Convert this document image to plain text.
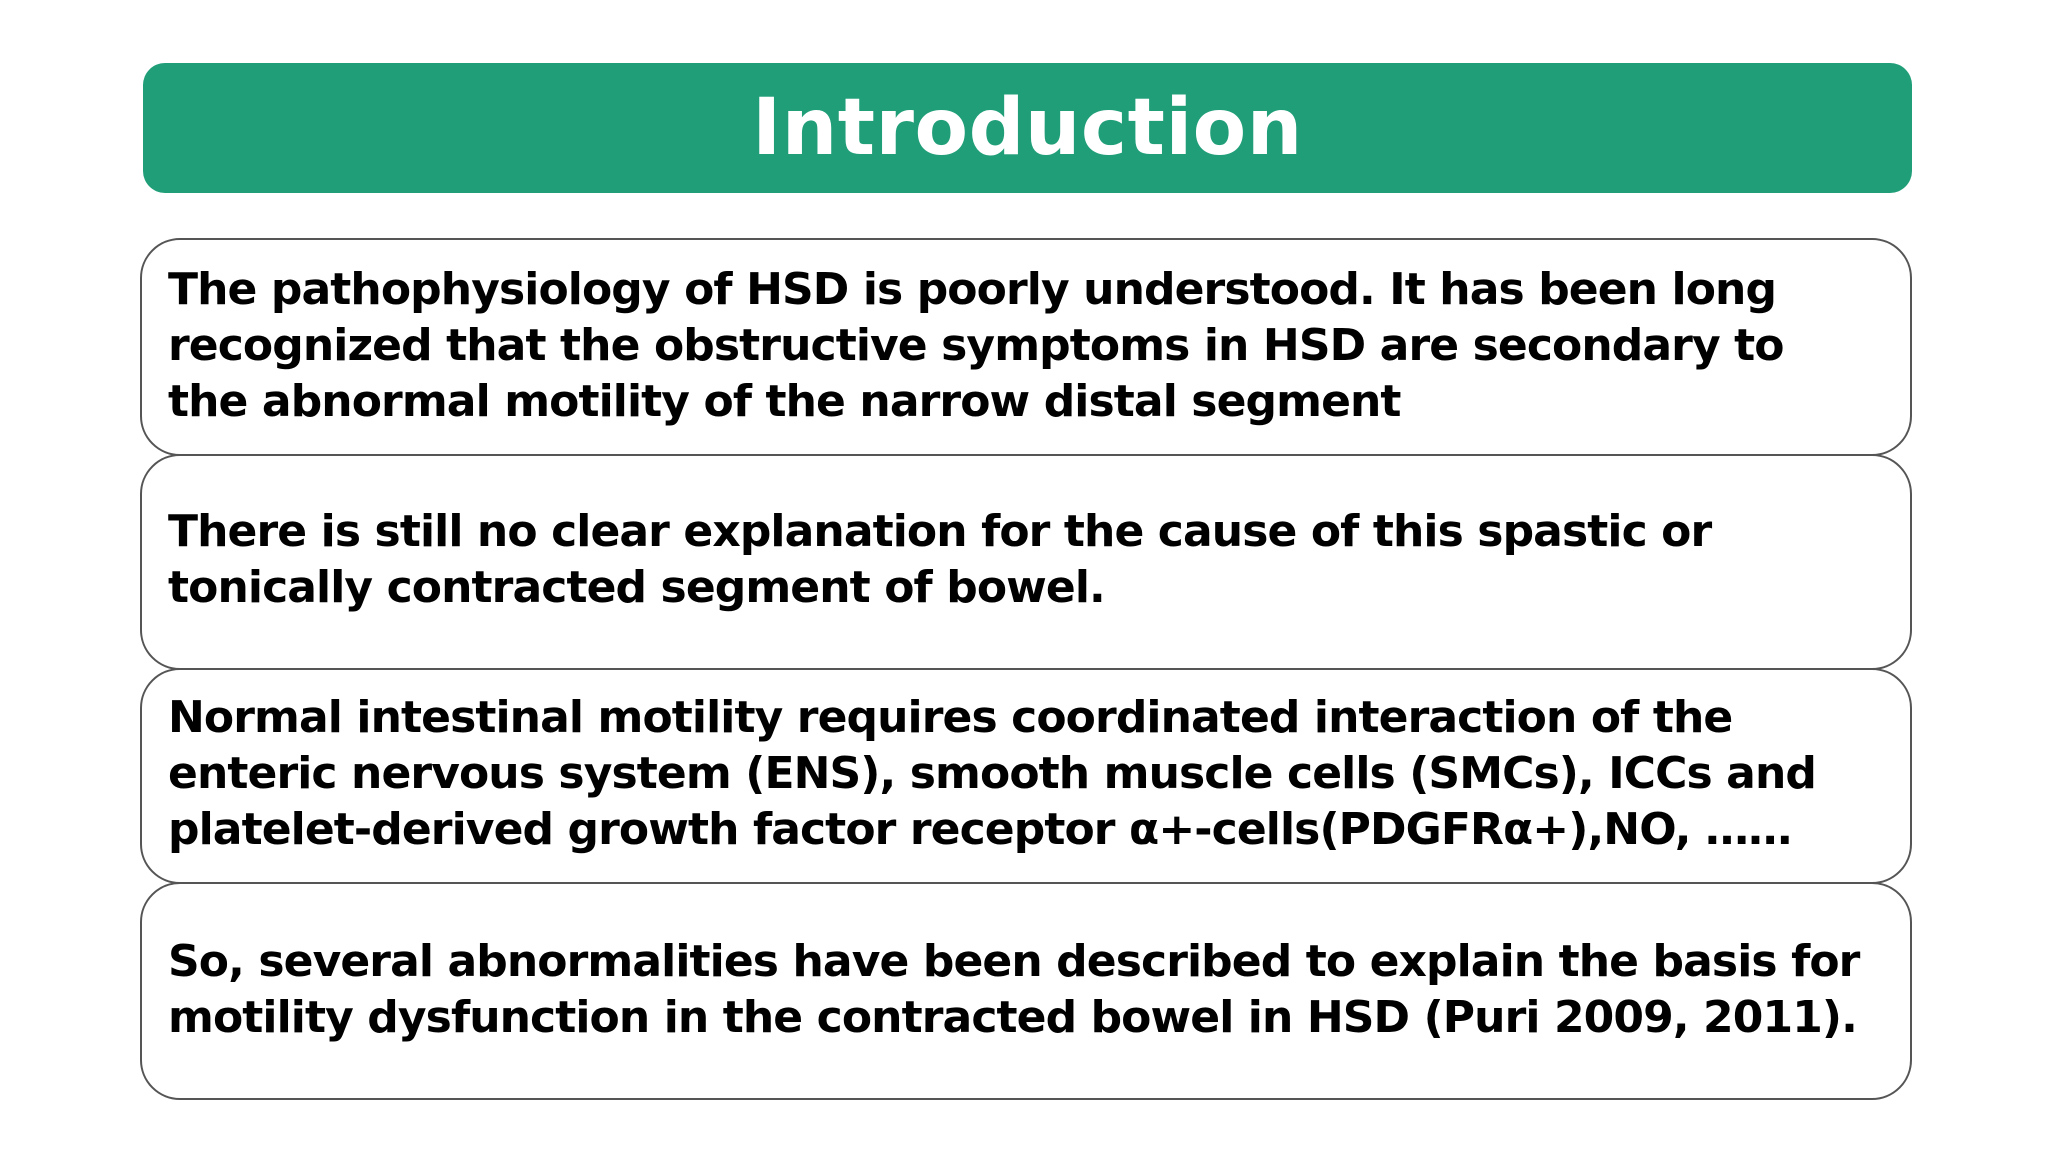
Introduction

The pathophysiology of HSD is poorly understood. It has been long recognized that the obstructive symptoms in HSD are secondary to the abnormal motility of the narrow distal segment

There is still no clear explanation for the cause of this spastic or tonically contracted segment of bowel.

Normal intestinal motility requires coordinated interaction of the enteric nervous system (ENS), smooth muscle cells (SMCs), ICCs and platelet-derived growth factor receptor α+-cells(PDGFRα+),NO, ……

So, several abnormalities have been described to explain the basis for motility dysfunction in the contracted bowel in HSD (Puri 2009, 2011).
